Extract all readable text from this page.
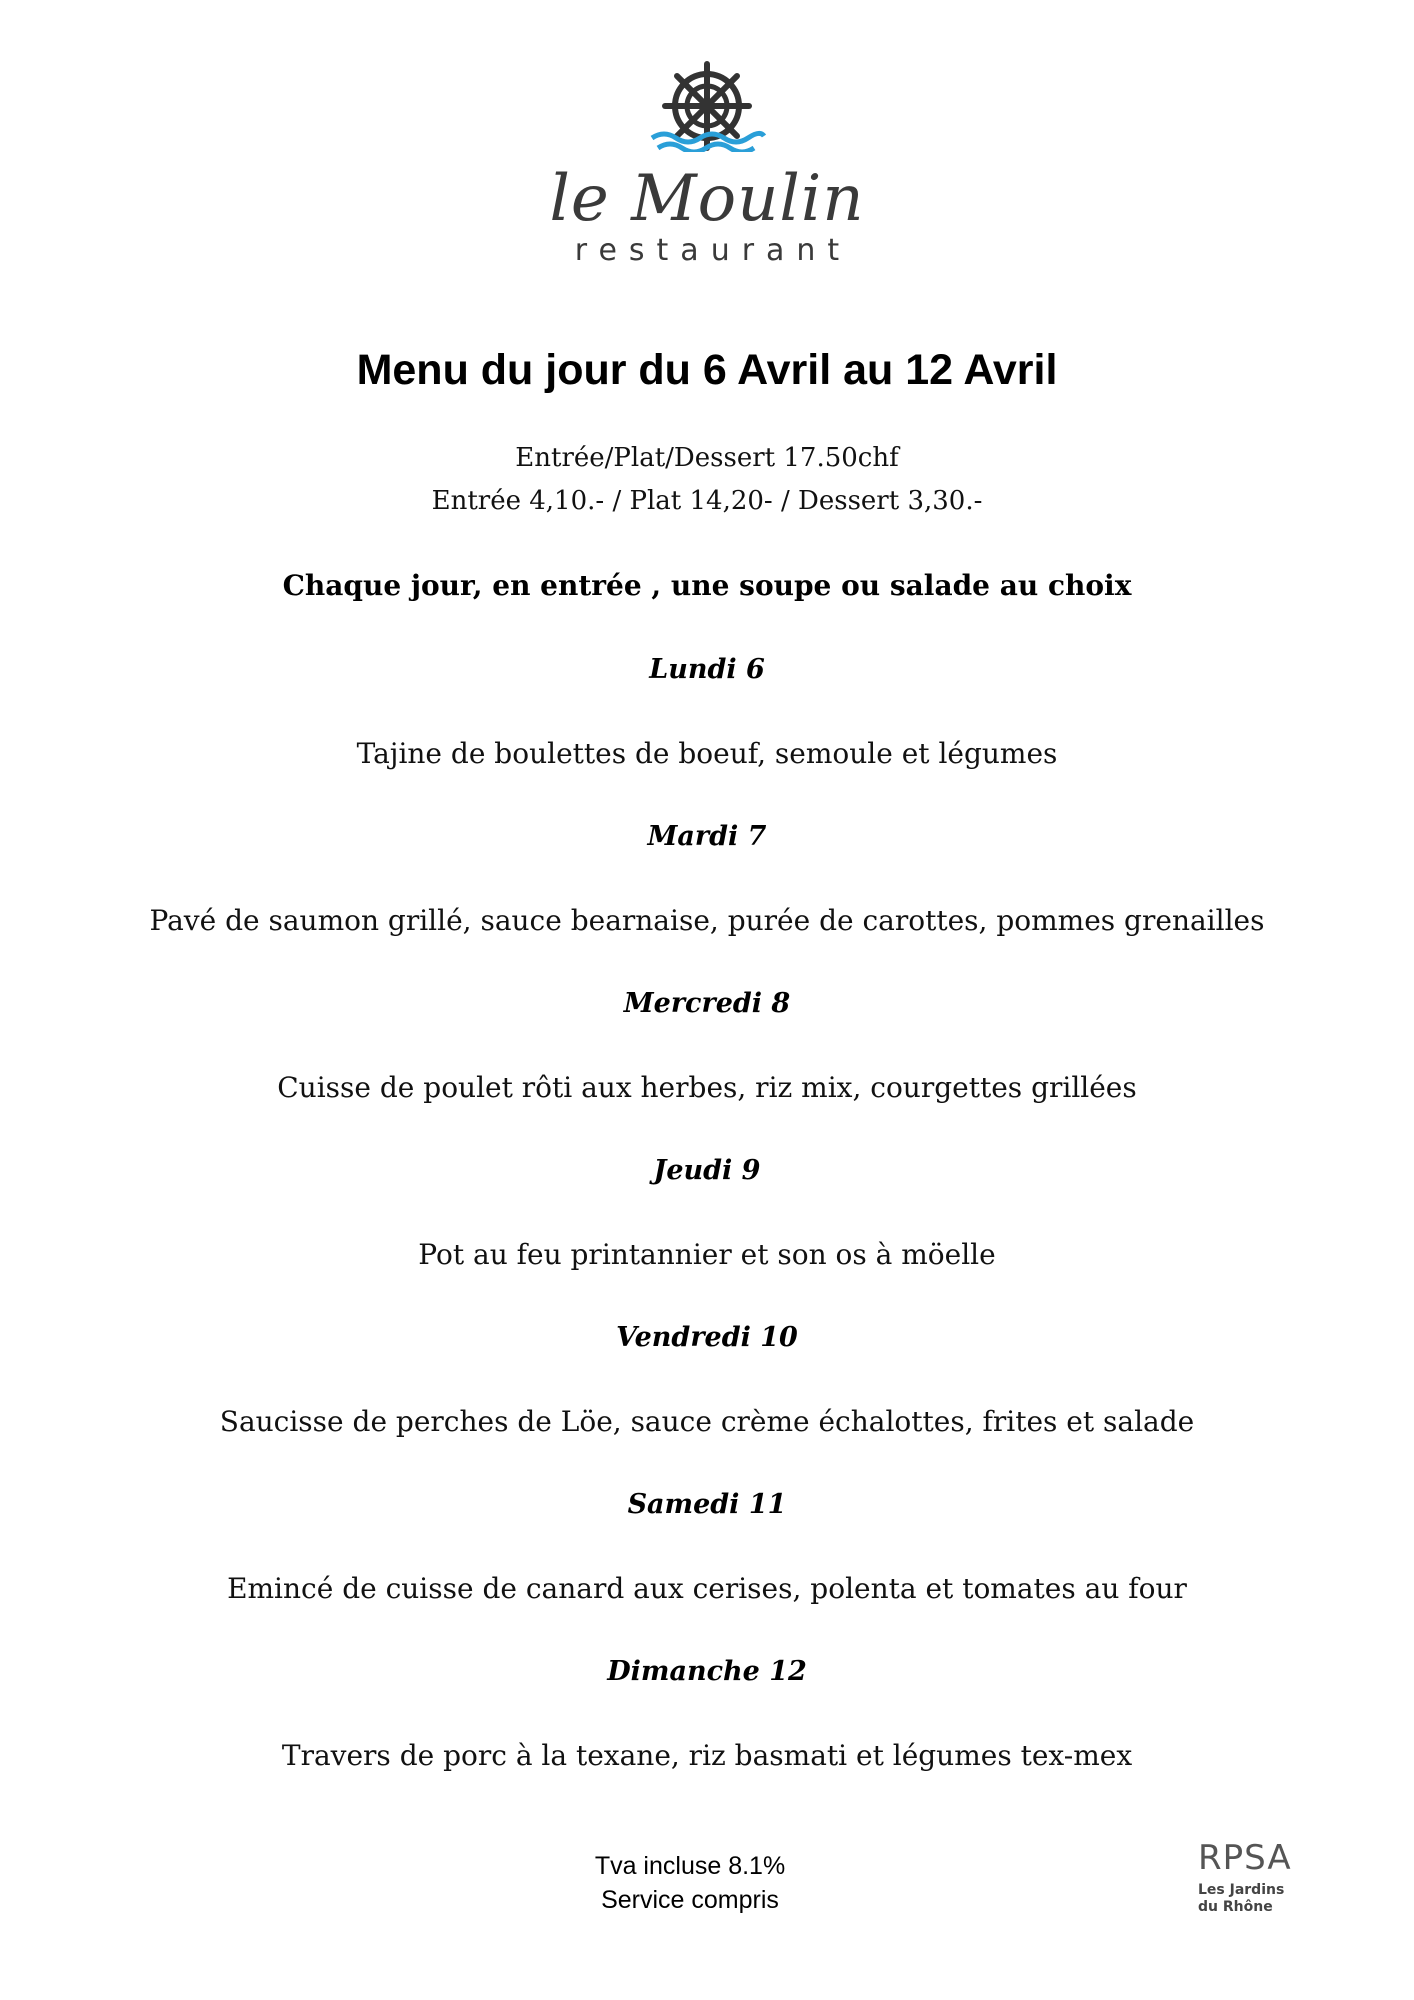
le Moulin
restaurant
Menu du jour du 6 Avril au 12 Avril
Entrée/Plat/Dessert 17.50chf
Entrée 4,10.- / Plat 14,20- / Dessert 3,30.-
Chaque jour, en entrée , une soupe ou salade au choix
Lundi 6
Tajine de boulettes de boeuf, semoule et légumes
Mardi 7
Pavé de saumon grillé, sauce bearnaise, purée de carottes, pommes grenailles
Mercredi 8
Cuisse de poulet rôti aux herbes, riz mix, courgettes grillées
Jeudi 9
Pot au feu printannier et son os à möelle
Vendredi 10
Saucisse de perches de Löe, sauce crème échalottes, frites et salade
Samedi 11
Emincé de cuisse de canard aux cerises, polenta et tomates au four
Dimanche 12
Travers de porc à la texane, riz basmati et légumes tex-mex
Tva incluse 8.1%
Service compris
RPSA
Les Jardins
du Rhône
